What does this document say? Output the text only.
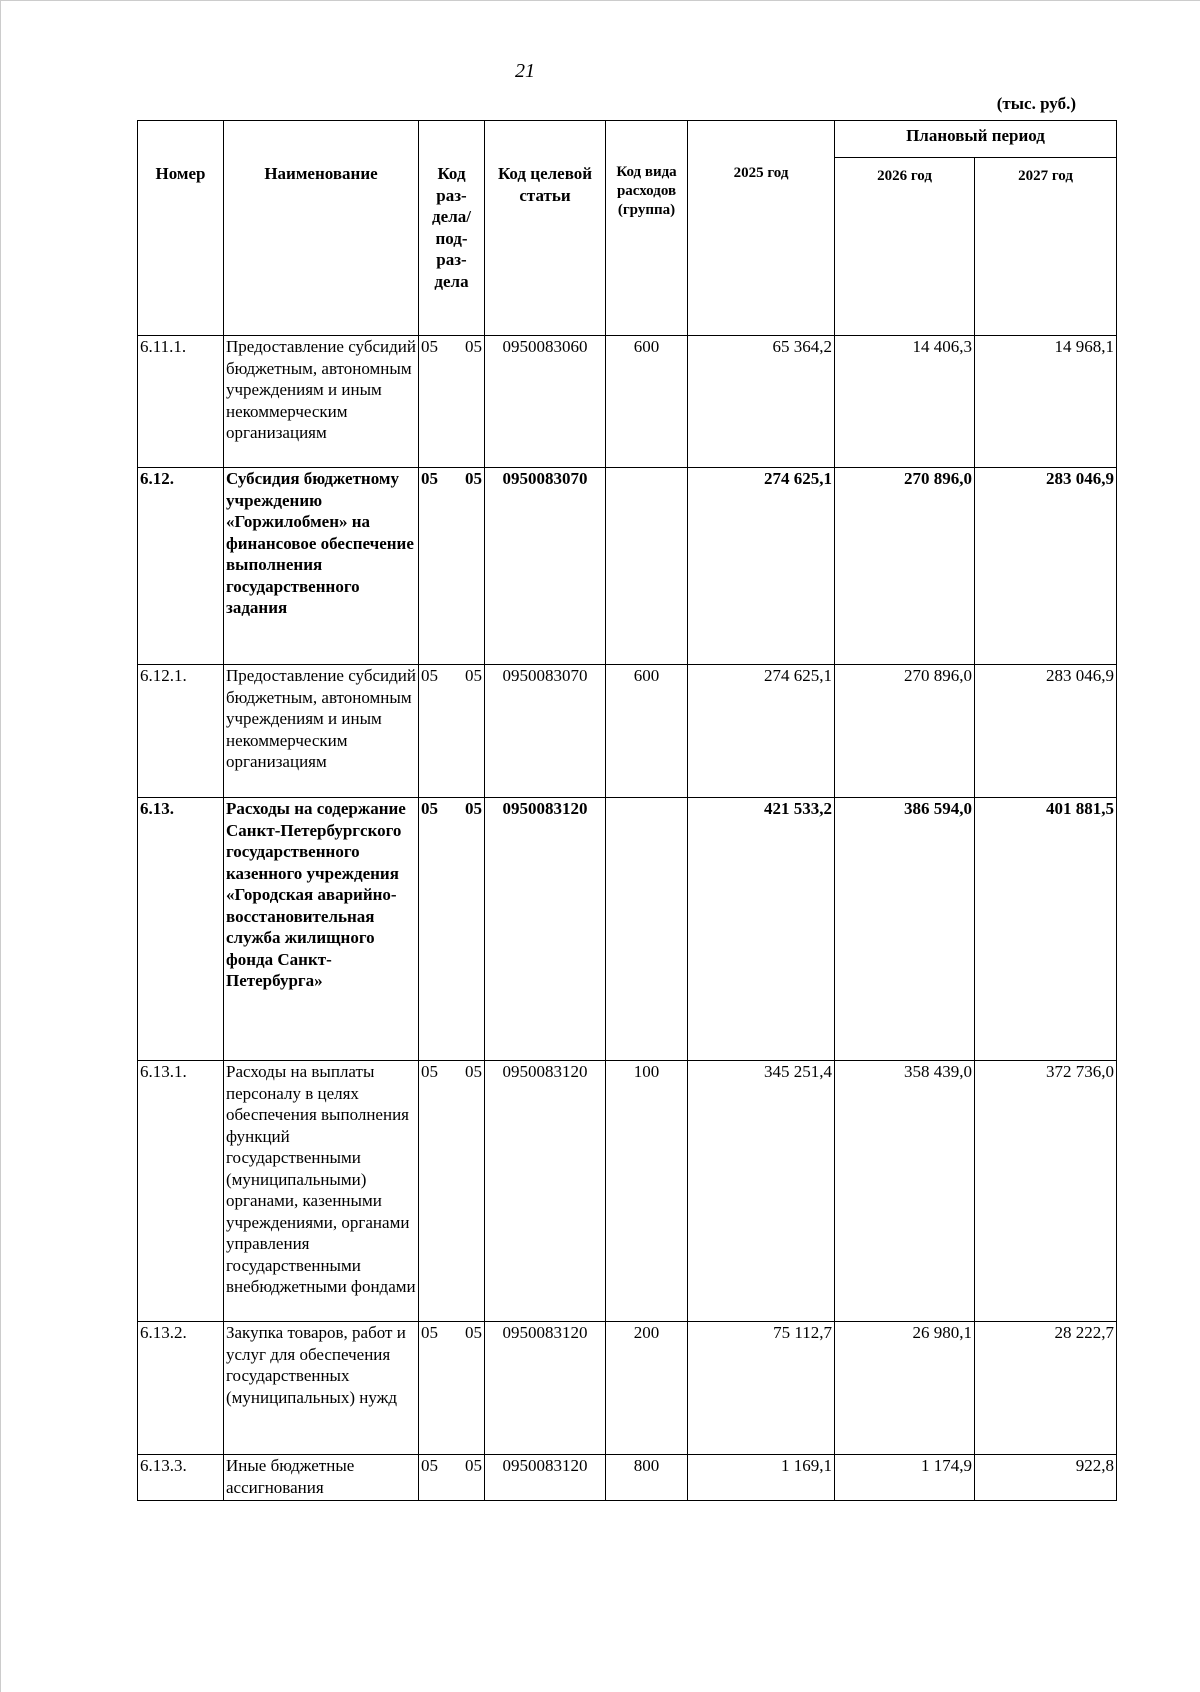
21
(тыс. руб.)
Номер	Наименование	Код раз-дела/ под-раз-дела	Код целевой статьи	Код вида расходов (группа)	2025 год	Плановый период	
						2026 год	2027 год
6.11.1.	Предоставление субсидий бюджетным, автономным учреждениям и иным некоммерческим организациям	05 05	0950083060	600	65 364,2	14 406,3	14 968,1
6.12.	Субсидия бюджетному учреждению «Горжилобмен» на финансовое обеспечение выполнения государственного задания	05 05	0950083070		274 625,1	270 896,0	283 046,9
6.12.1.	Предоставление субсидий бюджетным, автономным учреждениям и иным некоммерческим организациям	05 05	0950083070	600	274 625,1	270 896,0	283 046,9
6.13.	Расходы на содержание Санкт-Петербургского государственного казенного учреждения «Городская аварийно-восстановительная служба жилищного фонда Санкт-Петербурга»	05 05	0950083120		421 533,2	386 594,0	401 881,5
6.13.1.	Расходы на выплаты персоналу в целях обеспечения выполнения функций государственными (муниципальными) органами, казенными учреждениями, органами управления государственными внебюджетными фондами	05 05	0950083120	100	345 251,4	358 439,0	372 736,0
6.13.2.	Закупка товаров, работ и услуг для обеспечения государственных (муниципальных) нужд	05 05	0950083120	200	75 112,7	26 980,1	28 222,7
6.13.3.	Иные бюджетные ассигнования	05 05	0950083120	800	1 169,1	1 174,9	922,8
